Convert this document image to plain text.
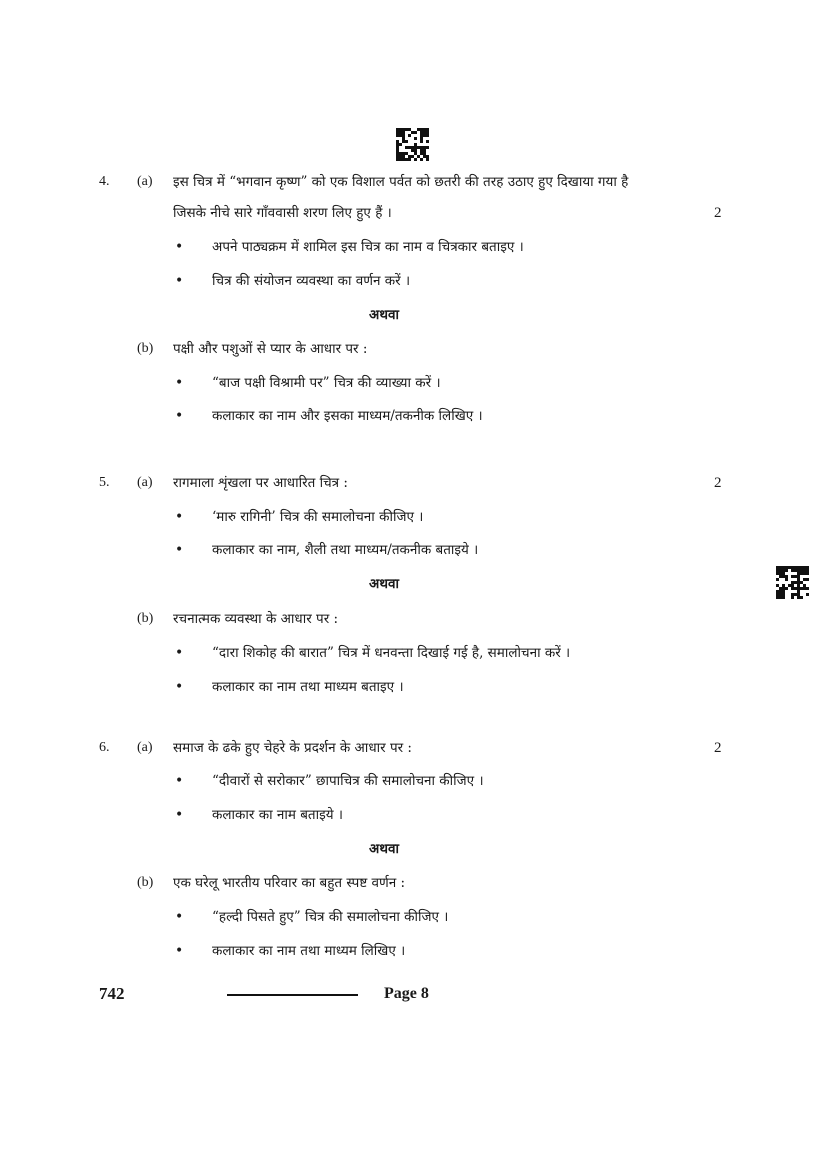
4. (a) इस चित्र में “भगवान कृष्ण” को एक विशाल पर्वत को छतरी की तरह उठाए हुए दिखाया गया है
जिसके नीचे सारे गाँववासी शरण लिए हुए हैं ।	2
• अपने पाठ्यक्रम में शामिल इस चित्र का नाम व चित्रकार बताइए ।
• चित्र की संयोजन व्यवस्था का वर्णन करें ।
अथवा
(b) पक्षी और पशुओं से प्यार के आधार पर :
• “बाज पक्षी विश्रामी पर” चित्र की व्याख्या करें ।
• कलाकार का नाम और इसका माध्यम/तकनीक लिखिए ।
5. (a) रागमाला शृंखला पर आधारित चित्र :	2
• ‘मारु रागिनी’ चित्र की समालोचना कीजिए ।
• कलाकार का नाम, शैली तथा माध्यम/तकनीक बताइये ।
अथवा
(b) रचनात्मक व्यवस्था के आधार पर :
• “दारा शिकोह की बारात” चित्र में धनवन्ता दिखाई गई है, समालोचना करें ।
• कलाकार का नाम तथा माध्यम बताइए ।
6. (a) समाज के ढके हुए चेहरे के प्रदर्शन के आधार पर :	2
• “दीवारों से सरोकार” छापाचित्र की समालोचना कीजिए ।
• कलाकार का नाम बताइये ।
अथवा
(b) एक घरेलू भारतीय परिवार का बहुत स्पष्ट वर्णन :
• “हल्दी पिसते हुए” चित्र की समालोचना कीजिए ।
• कलाकार का नाम तथा माध्यम लिखिए ।
742	Page 8
